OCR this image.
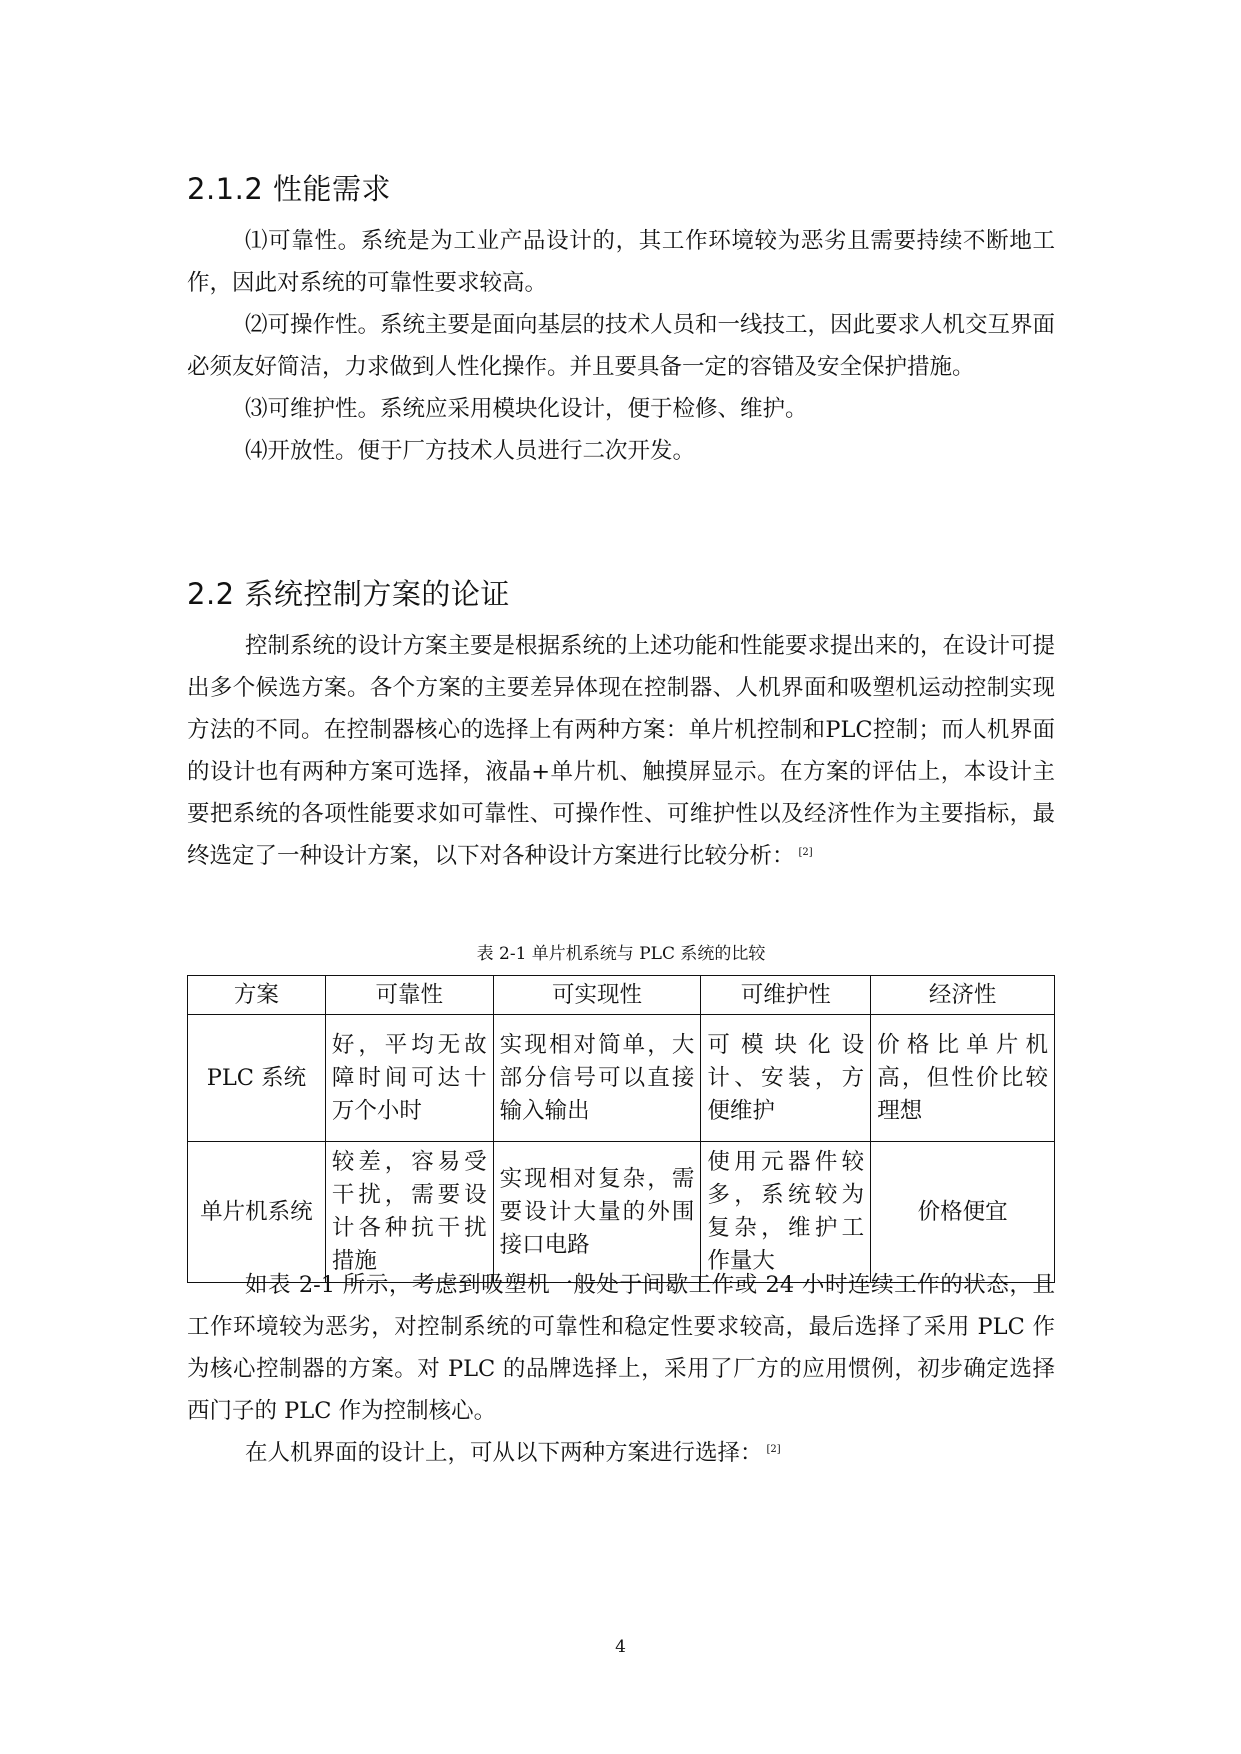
2.1.2 性能需求

⑴可靠性。系统是为工业产品设计的，其工作环境较为恶劣且需要持续不断地工作，因此对系统的可靠性要求较高。

⑵可操作性。系统主要是面向基层的技术人员和一线技工，因此要求人机交互界面必须友好简洁，力求做到人性化操作。并且要具备一定的容错及安全保护措施。

⑶可维护性。系统应采用模块化设计，便于检修、维护。

⑷开放性。便于厂方技术人员进行二次开发。

2.2 系统控制方案的论证

控制系统的设计方案主要是根据系统的上述功能和性能要求提出来的，在设计可提出多个候选方案。各个方案的主要差异体现在控制器、人机界面和吸塑机运动控制实现方法的不同。在控制器核心的选择上有两种方案：单片机控制和PLC控制；而人机界面的设计也有两种方案可选择，液晶+单片机、触摸屏显示。在方案的评估上，本设计主要把系统的各项性能要求如可靠性、可操作性、可维护性以及经济性作为主要指标，最终选定了一种设计方案，以下对各种设计方案进行比较分析： [2]

表 2-1 单片机系统与 PLC 系统的比较
方案	可靠性	可实现性	可维护性	经济性
PLC 系统	好，平均无故障时间可达十万个小时	实现相对简单，大部分信号可以直接输入输出	可模块化设计、安装，方便维护	价格比单片机高，但性价比较理想
单片机系统	较差，容易受干扰，需要设计各种抗干扰措施	实现相对复杂，需要设计大量的外围接口电路	使用元器件较多，系统较为复杂，维护工作量大	价格便宜

如表 2-1 所示，考虑到吸塑机一般处于间歇工作或 24 小时连续工作的状态，且工作环境较为恶劣，对控制系统的可靠性和稳定性要求较高，最后选择了采用 PLC 作为核心控制器的方案。对 PLC 的品牌选择上，采用了厂方的应用惯例，初步确定选择西门子的 PLC 作为控制核心。

在人机界面的设计上，可从以下两种方案进行选择： [2]

4
